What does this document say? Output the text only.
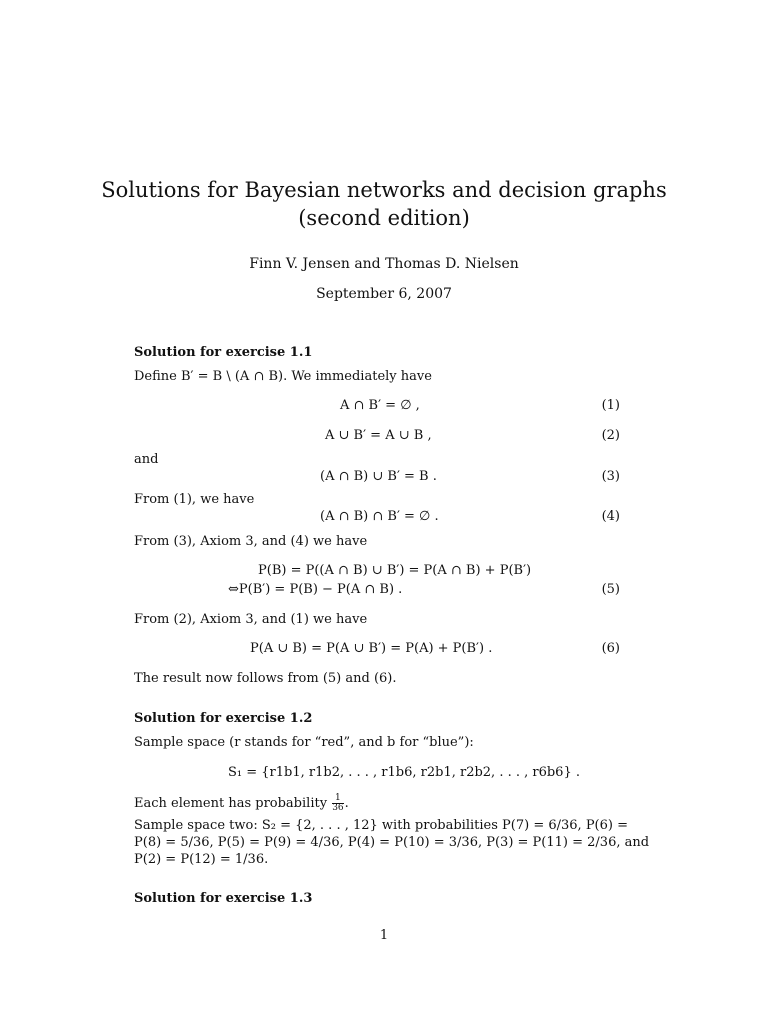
Solutions for Bayesian networks and decision graphs
(second edition)
Finn V. Jensen and Thomas D. Nielsen
September 6, 2007
Solution for exercise 1.1
Define B′ = B \ (A ∩ B). We immediately have
A ∩ B′ = ∅ ,	(1)
A ∪ B′ = A ∪ B ,	(2)
and
(A ∩ B) ∪ B′ = B .	(3)
From (1), we have
(A ∩ B) ∩ B′ = ∅ .	(4)
From (3), Axiom 3, and (4) we have
P(B) = P((A ∩ B) ∪ B′) = P(A ∩ B) + P(B′)
⇔P(B′) = P(B) − P(A ∩ B) .	(5)
From (2), Axiom 3, and (1) we have
P(A ∪ B) = P(A ∪ B′) = P(A) + P(B′) .	(6)
The result now follows from (5) and (6).
Solution for exercise 1.2
Sample space (r stands for “red”, and b for “blue”):
S₁ = {r1b1, r1b2, . . . , r1b6, r2b1, r2b2, . . . , r6b6} .
Each element has probability $\frac{1}{36}$ .
Sample space two: S₂ = {2, . . . , 12} with probabilities P(7) = 6/36, P(6) =
P(8) = 5/36, P(5) = P(9) = 4/36, P(4) = P(10) = 3/36, P(3) = P(11) = 2/36, and
P(2) = P(12) = 1/36.
Solution for exercise 1.3
1
